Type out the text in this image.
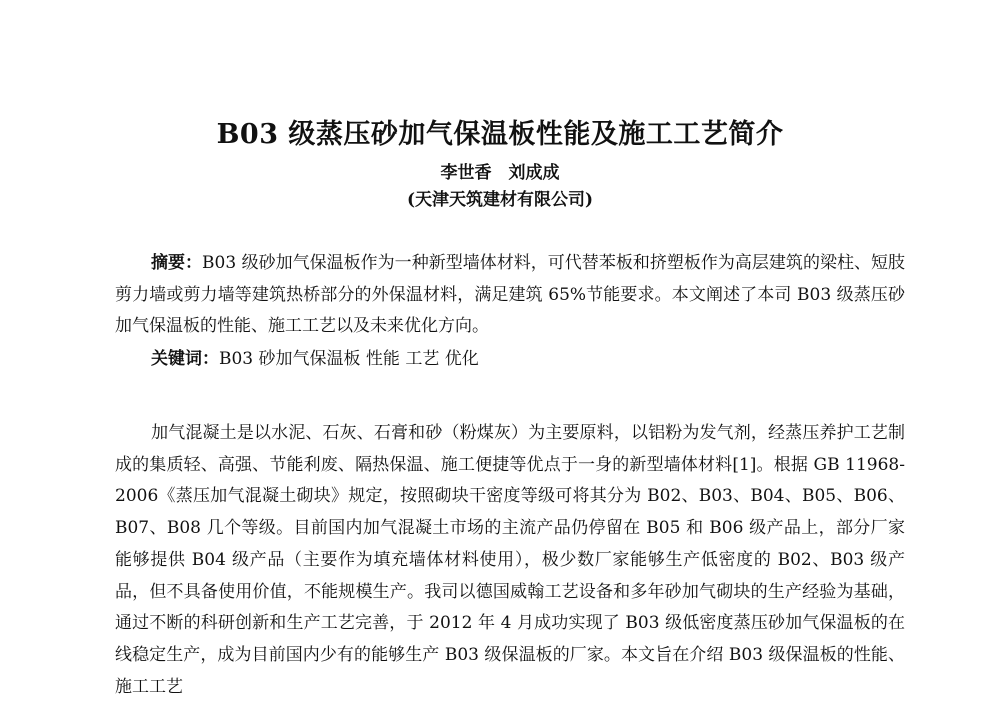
B03 级蒸压砂加气保温板性能及施工工艺简介
李世香　刘成成
(天津天筑建材有限公司)
摘要：B03 级砂加气保温板作为一种新型墙体材料，可代替苯板和挤塑板作为高层建筑的梁柱、短肢剪力墙或剪力墙等建筑热桥部分的外保温材料，满足建筑 65%节能要求。本文阐述了本司 B03 级蒸压砂加气保温板的性能、施工工艺以及未来优化方向。
关键词：B03 砂加气保温板 性能 工艺 优化
加气混凝土是以水泥、石灰、石膏和砂（粉煤灰）为主要原料，以铝粉为发气剂，经蒸压养护工艺制成的集质轻、高强、节能利废、隔热保温、施工便捷等优点于一身的新型墙体材料[1]。根据 GB 11968-2006《蒸压加气混凝土砌块》规定，按照砌块干密度等级可将其分为 B02、B03、B04、B05、B06、B07、B08 几个等级。目前国内加气混凝土市场的主流产品仍停留在 B05 和 B06 级产品上，部分厂家能够提供 B04 级产品（主要作为填充墙体材料使用），极少数厂家能够生产低密度的 B02、B03 级产品，但不具备使用价值，不能规模生产。我司以德国威翰工艺设备和多年砂加气砌块的生产经验为基础，通过不断的科研创新和生产工艺完善，于 2012 年 4 月成功实现了 B03 级低密度蒸压砂加气保温板的在线稳定生产，成为目前国内少有的能够生产 B03 级保温板的厂家。本文旨在介绍 B03 级保温板的性能、施工工艺
